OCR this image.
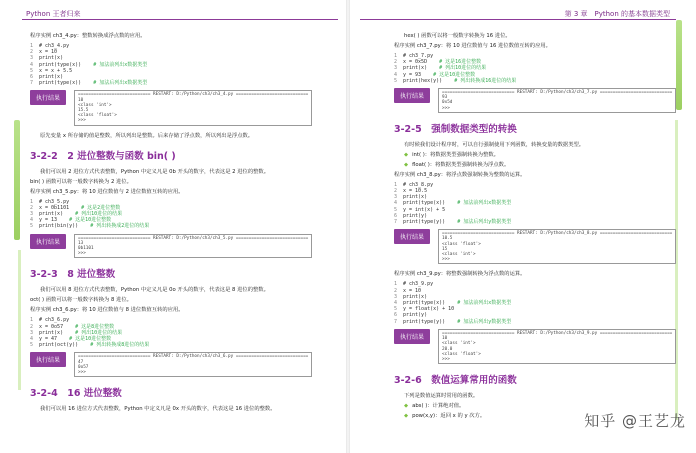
Python 王者归来
程序实例 ch3_4.py：整数转换成浮点数的应用。
1 # ch3_4.py
2 x = 10
3 print(x)
4 print(type(x)) # 加法前列出x数据类型
5 x = x + 5.5
6 print(x)
7 print(type(x)) # 加法后列出x数据类型
执行结果
============================ RESTART: D:/Python/ch3/ch3_4.py ============================
10
<class 'int'>
15.5
<class 'float'>
>>>
原先变量 x 所存储的值是整数，所以列出是整数。后来存储了浮点数，所以列出是浮点数。
3-2-2　2 进位整数与函数 bin( )
我们可以用 2 进位方式代表整数，Python 中定义凡是 0b 开头的数字，代表这是 2 进位的整数。
bin( ) 函数可以将一般数字转换为 2 进位。
程序实例 ch3_5.py：将 10 进位数值与 2 进位数值互转的应用。
1 # ch3_5.py
2 x = 0b1101 # 这是2进位整数
3 print(x) # 列出10进位的结果
4 y = 13 # 这是10进位整数
5 print(bin(y)) # 列出转换成2进位的结果
执行结果
============================ RESTART: D:/Python/ch3/ch3_5.py ============================
13
0b1101
>>>
3-2-3　8 进位整数
我们可以用 8 进位方式代表整数，Python 中定义凡是 0o 开头的数字，代表这是 8 进位的整数。
oct( ) 函数可以将一般数字转换为 8 进位。
程序实例 ch3_6.py：将 10 进位数值与 8 进位数值互转的应用。
1 # ch3_6.py
2 x = 0o57 # 这是8进位整数
3 print(x) # 列出10进位的结果
4 y = 47 # 这是10进位整数
5 print(oct(y)) # 列出转换成8进位的结果
执行结果
============================ RESTART: D:/Python/ch3/ch3_6.py ============================
47
0o57
>>>
3-2-4　16 进位整数
我们可以用 16 进位方式代表整数，Python 中定义凡是 0x 开头的数字，代表这是 16 进位的整数。
第 3 章　Python 的基本数据类型
hex( ) 函数可以将一般数字转换为 16 进位。
程序实例 ch3_7.py：将 10 进位数值与 16 进位数值互转的应用。
1 # ch3_7.py
2 x = 0x5D # 这是16进位整数
3 print(x) # 列出10进位的结果
4 y = 93 # 这是10进位整数
5 print(hex(y)) # 列出转换成16进位的结果
执行结果
============================ RESTART: D:/Python/ch3/ch3_7.py ============================
93
0x5d
>>>
3-2-5　强制数据类型的转换
有时候我们设计程序时，可以自行强制使用下列函数，转换变量的数据类型。
◆ int( )：将数据类型强制转换为整数。
◆ float( )：将数据类型强制转换为浮点数。
程序实例 ch3_8.py：将浮点数强制转换为整数的运算。
1 # ch3_8.py
2 x = 10.5
3 print(x)
4 print(type(x)) # 加法前列出x数据类型
5 y = int(x) + 5
6 print(y)
7 print(type(y)) # 加法后列出y数据类型
执行结果
============================ RESTART: D:/Python/ch3/ch3_8.py ============================
10.5
<class 'float'>
15
<class 'int'>
>>>
程序实例 ch3_9.py：将整数强制转换为浮点数的运算。
1 # ch3_9.py
2 x = 10
3 print(x)
4 print(type(x)) # 加法前列出x数据类型
5 y = float(x) + 10
6 print(y)
7 print(type(y)) # 加法后列出y数据类型
执行结果
============================ RESTART: D:/Python/ch3/ch3_9.py ============================
10
<class 'int'>
20.0
<class 'float'>
>>>
3-2-6　数值运算常用的函数
下列是数值运算时常用的函数。
◆ abs( )：计算绝对值。
◆ pow(x,y)：返回 x 的 y 次方。	知乎 @王艺龙
